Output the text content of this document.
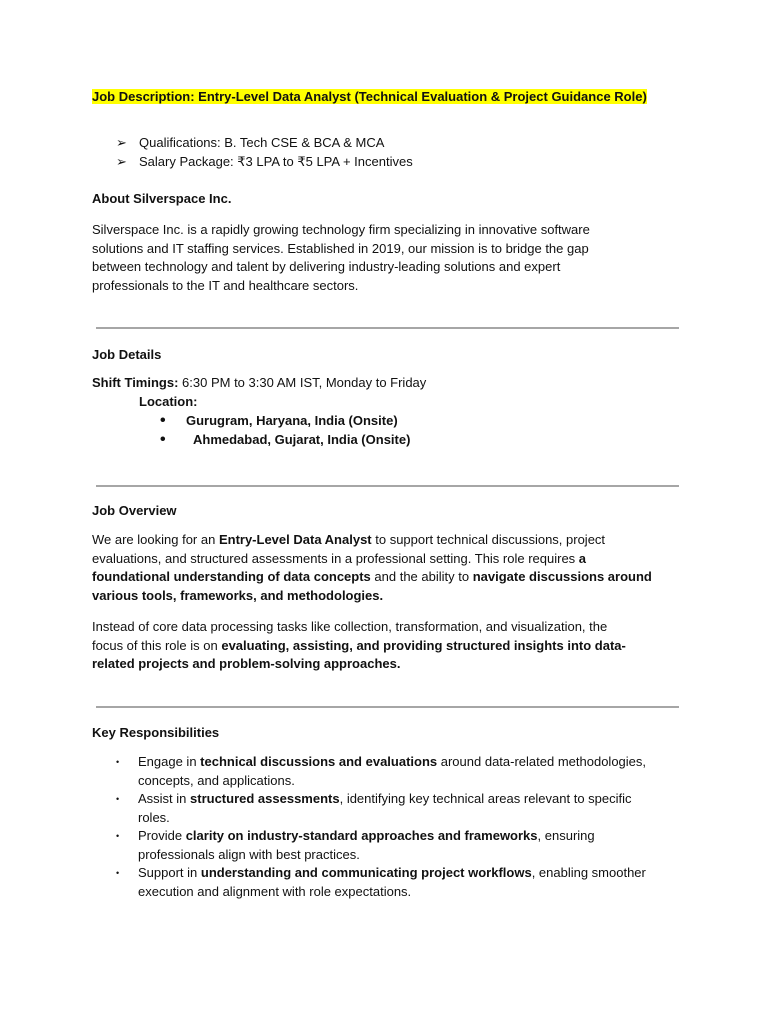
Job Description: Entry-Level Data Analyst (Technical Evaluation & Project Guidance Role)
➢ Qualifications: B. Tech CSE & BCA & MCA
➢ Salary Package: ₹3 LPA to ₹5 LPA + Incentives
About Silverspace Inc.
Silverspace Inc. is a rapidly growing technology firm specializing in innovative software
solutions and IT staffing services. Established in 2019, our mission is to bridge the gap
between technology and talent by delivering industry-leading solutions and expert
professionals to the IT and healthcare sectors.
Job Details
Shift Timings: 6:30 PM to 3:30 AM IST, Monday to Friday
Location:
• Gurugram, Haryana, India (Onsite)
• Ahmedabad, Gujarat, India (Onsite)
Job Overview
We are looking for an Entry-Level Data Analyst to support technical discussions, project
evaluations, and structured assessments in a professional setting. This role requires a
foundational understanding of data concepts and the ability to navigate discussions around
various tools, frameworks, and methodologies.
Instead of core data processing tasks like collection, transformation, and visualization, the
focus of this role is on evaluating, assisting, and providing structured insights into data-
related projects and problem-solving approaches.
Key Responsibilities
• Engage in technical discussions and evaluations around data-related methodologies,
concepts, and applications.
• Assist in structured assessments, identifying key technical areas relevant to specific
roles.
• Provide clarity on industry-standard approaches and frameworks, ensuring
professionals align with best practices.
• Support in understanding and communicating project workflows, enabling smoother
execution and alignment with role expectations.
